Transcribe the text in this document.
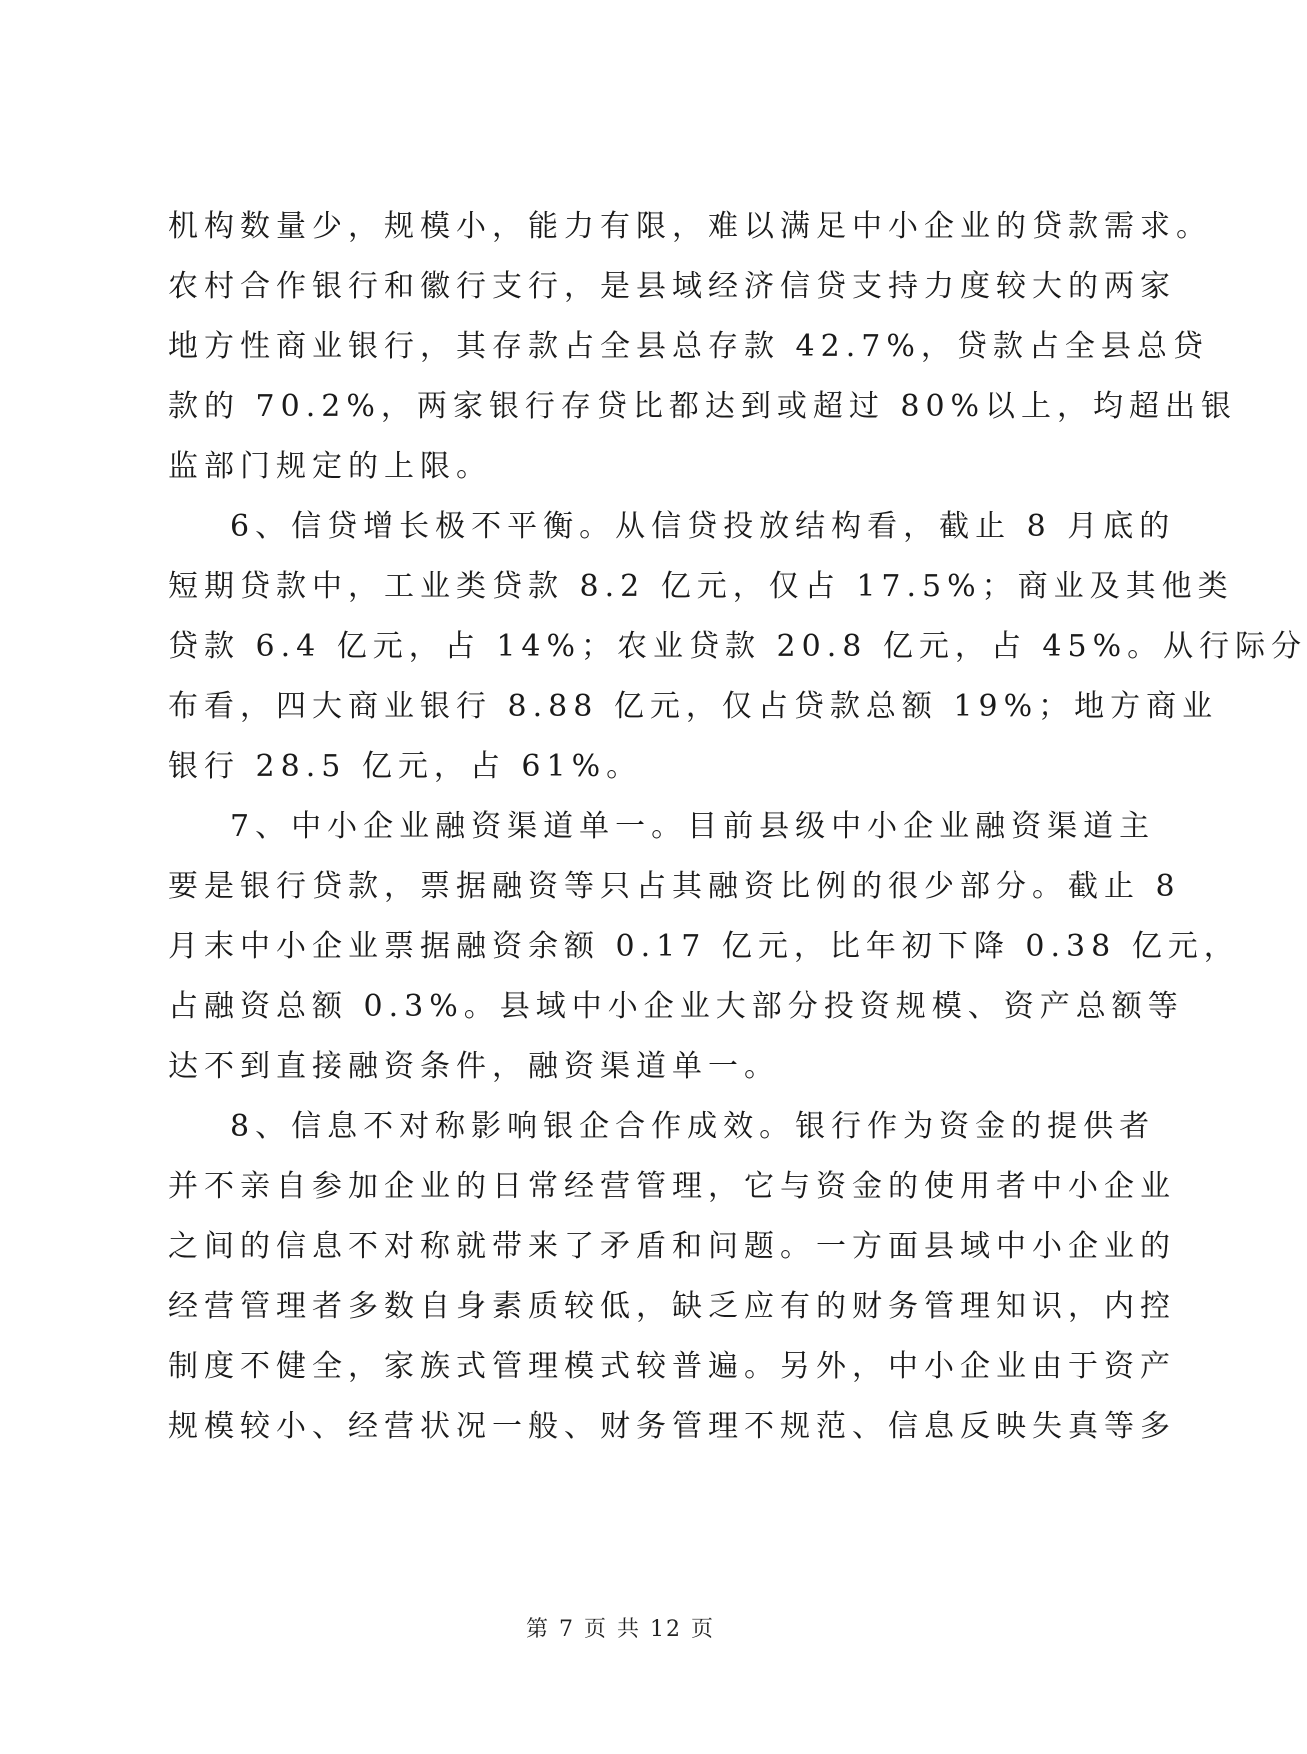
机构数量少，规模小，能力有限，难以满足中小企业的贷款需求。
农村合作银行和徽行支行，是县域经济信贷支持力度较大的两家
地方性商业银行，其存款占全县总存款 42.7%，贷款占全县总贷
款的 70.2%，两家银行存贷比都达到或超过 80%以上，均超出银
监部门规定的上限。
6、信贷增长极不平衡。从信贷投放结构看，截止 8 月底的
短期贷款中，工业类贷款 8.2 亿元，仅占 17.5%；商业及其他类
贷款 6.4 亿元，占 14%；农业贷款 20.8 亿元，占 45%。从行际分
布看，四大商业银行 8.88 亿元，仅占贷款总额 19%；地方商业
银行 28.5 亿元，占 61%。
7、中小企业融资渠道单一。目前县级中小企业融资渠道主
要是银行贷款，票据融资等只占其融资比例的很少部分。截止 8
月末中小企业票据融资余额 0.17 亿元，比年初下降 0.38 亿元，
占融资总额 0.3%。县域中小企业大部分投资规模、资产总额等
达不到直接融资条件，融资渠道单一。
8、信息不对称影响银企合作成效。银行作为资金的提供者
并不亲自参加企业的日常经营管理，它与资金的使用者中小企业
之间的信息不对称就带来了矛盾和问题。一方面县域中小企业的
经营管理者多数自身素质较低，缺乏应有的财务管理知识，内控
制度不健全，家族式管理模式较普遍。另外，中小企业由于资产
规模较小、经营状况一般、财务管理不规范、信息反映失真等多
第 7 页 共 12 页
